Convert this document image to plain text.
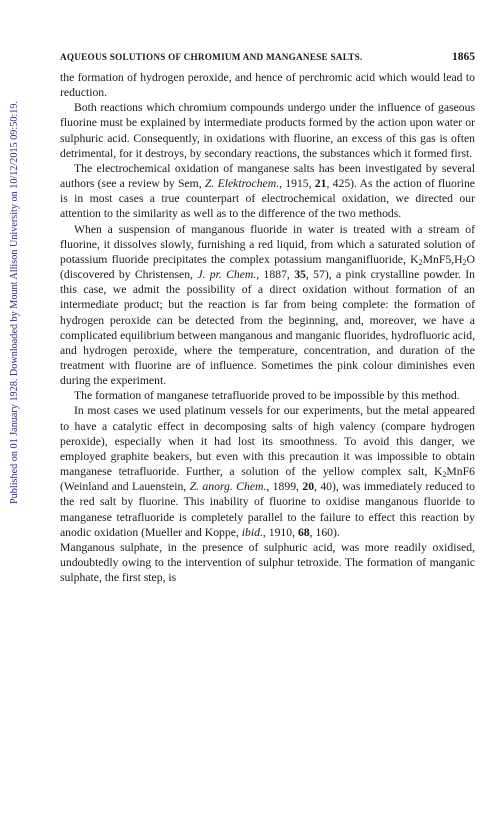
AQUEOUS SOLUTIONS OF CHROMIUM AND MANGANESE SALTS.	1865
Published on 01 January 1928. Downloaded by Mount Allison University on 10/12/2015 09:50:19.

the formation of hydrogen peroxide, and hence of perchromic acid which would lead to reduction.

Both reactions which chromium compounds undergo under the influence of gaseous fluorine must be explained by intermediate products formed by the action upon water or sulphuric acid. Consequently, in oxidations with fluorine, an excess of this gas is often detrimental, for it destroys, by secondary reactions, the substances which it formed first.

The electrochemical oxidation of manganese salts has been investigated by several authors (see a review by Sem, Z. Elektrochem., 1915, 21, 425). As the action of fluorine is in most cases a true counterpart of electrochemical oxidation, we directed our attention to the similarity as well as to the difference of the two methods.

When a suspension of manganous fluoride in water is treated with a stream of fluorine, it dissolves slowly, furnishing a red liquid, from which a saturated solution of potassium fluoride precipitates the complex potassium manganifluoride, $K_2MnF5,H_2O$ (discovered by Christensen, J. pr. Chem., 1887, 35, 57), a pink crystalline powder. In this case, we admit the possibility of a direct oxidation without formation of an intermediate product; but the reaction is far from being complete: the formation of hydrogen peroxide can be detected from the beginning, and, moreover, we have a complicated equilibrium between manganous and manganic fluorides, hydrofluoric acid, and hydrogen peroxide, where the temperature, concentration, and duration of the treatment with fluorine are of influence. Sometimes the pink colour diminishes even during the experiment.

The formation of manganese tetrafluoride proved to be impossible by this method.

In most cases we used platinum vessels for our experiments, but the metal appeared to have a catalytic effect in decomposing salts of high valency (compare hydrogen peroxide), especially when it had lost its smoothness. To avoid this danger, we employed graphite beakers, but even with this precaution it was impossible to obtain manganese tetrafluoride. Further, a solution of the yellow complex salt, $K_2MnF6$ (Weinland and Lauenstein, Z. anorg. Chem., 1899, 20, 40), was immediately reduced to the red salt by fluorine. This inability of fluorine to oxidise manganous fluoride to manganese tetrafluoride is completely parallel to the failure to effect this reaction by anodic oxidation (Mueller and Koppe, ibid., 1910, 68, 160).

Manganous sulphate, in the presence of sulphuric acid, was more readily oxidised, undoubtedly owing to the intervention of sulphur tetroxide. The formation of manganic sulphate, the first step, is
